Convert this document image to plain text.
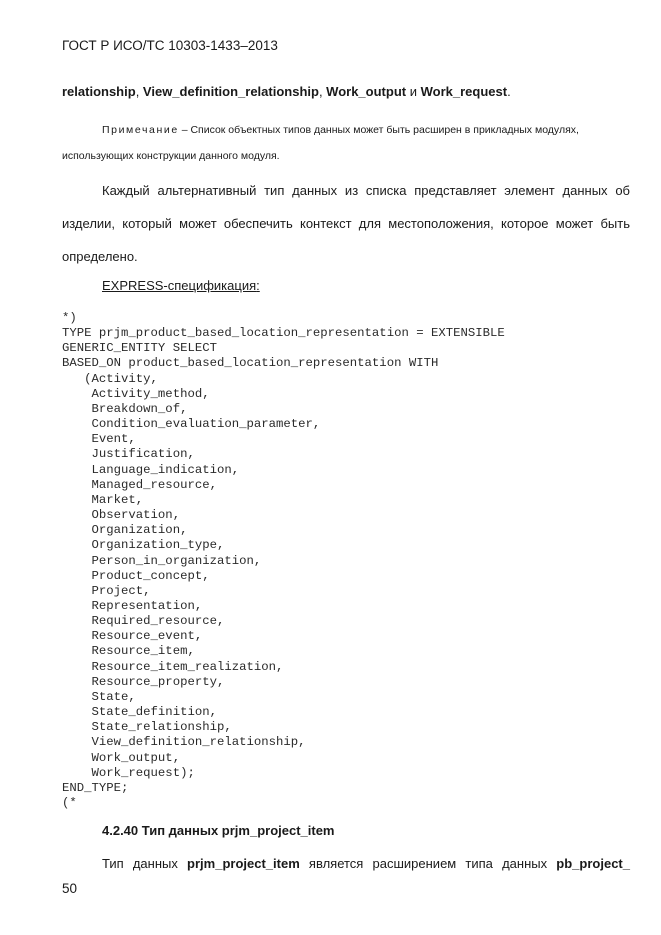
ГОСТ Р ИСО/ТС 10303-1433–2013
relationship, View_definition_relationship, Work_output и Work_request.
Примечание – Список объектных типов данных может быть расширен в прикладных модулях,
использующих конструкции данного модуля.
Каждый альтернативный тип данных из списка представляет элемент данных об изделии, который может обеспечить контекст для местоположения, которое может быть определено.
EXPRESS-спецификация:
*)
TYPE prjm_product_based_location_representation = EXTENSIBLE
GENERIC_ENTITY SELECT
BASED_ON product_based_location_representation WITH
(Activity,
Activity_method,
Breakdown_of,
Condition_evaluation_parameter,
Event,
Justification,
Language_indication,
Managed_resource,
Market,
Observation,
Organization,
Organization_type,
Person_in_organization,
Product_concept,
Project,
Representation,
Required_resource,
Resource_event,
Resource_item,
Resource_item_realization,
Resource_property,
State,
State_definition,
State_relationship,
View_definition_relationship,
Work_output,
Work_request);
END_TYPE;
(*
4.2.40 Тип данных prjm_project_item
Тип данных prjm_project_item является расширением типа данных pb_project_
50
